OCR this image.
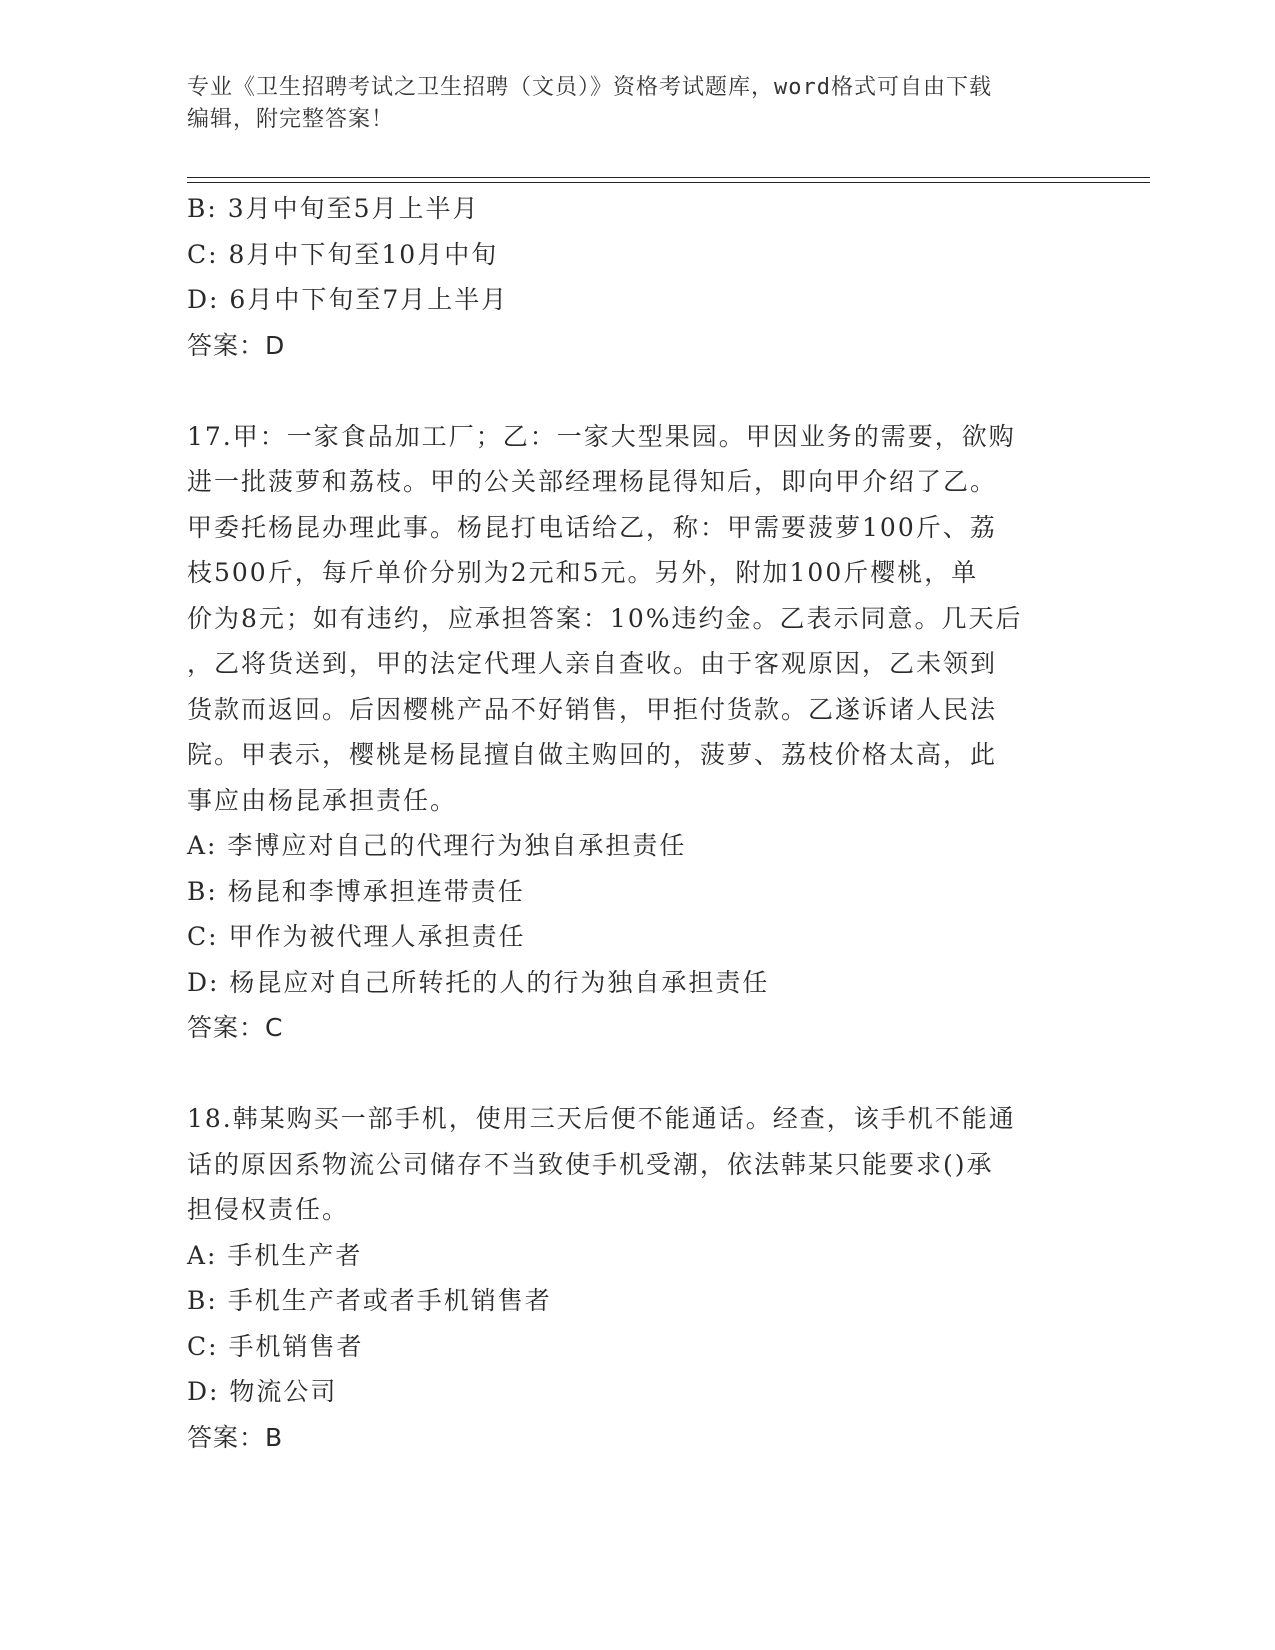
专业《卫生招聘考试之卫生招聘（文员）》资格考试题库，word格式可自由下载
编辑，附完整答案！
B: 3月中旬至5月上半月
C: 8月中下旬至10月中旬
D: 6月中下旬至7月上半月
答案：D
17.甲：一家食品加工厂；乙：一家大型果园。甲因业务的需要，欲购
进一批菠萝和荔枝。甲的公关部经理杨昆得知后，即向甲介绍了乙。
甲委托杨昆办理此事。杨昆打电话给乙，称：甲需要菠萝100斤、荔
枝500斤，每斤单价分别为2元和5元。另外，附加100斤樱桃，单
价为8元；如有违约，应承担答案：10%违约金。乙表示同意。几天后
，乙将货送到，甲的法定代理人亲自查收。由于客观原因，乙未领到
货款而返回。后因樱桃产品不好销售，甲拒付货款。乙遂诉诸人民法
院。甲表示，樱桃是杨昆擅自做主购回的，菠萝、荔枝价格太高，此
事应由杨昆承担责任。
A: 李博应对自己的代理行为独自承担责任
B: 杨昆和李博承担连带责任
C: 甲作为被代理人承担责任
D: 杨昆应对自己所转托的人的行为独自承担责任
答案：C
18.韩某购买一部手机，使用三天后便不能通话。经查，该手机不能通
话的原因系物流公司储存不当致使手机受潮，依法韩某只能要求()承
担侵权责任。
A: 手机生产者
B: 手机生产者或者手机销售者
C: 手机销售者
D: 物流公司
答案：B
